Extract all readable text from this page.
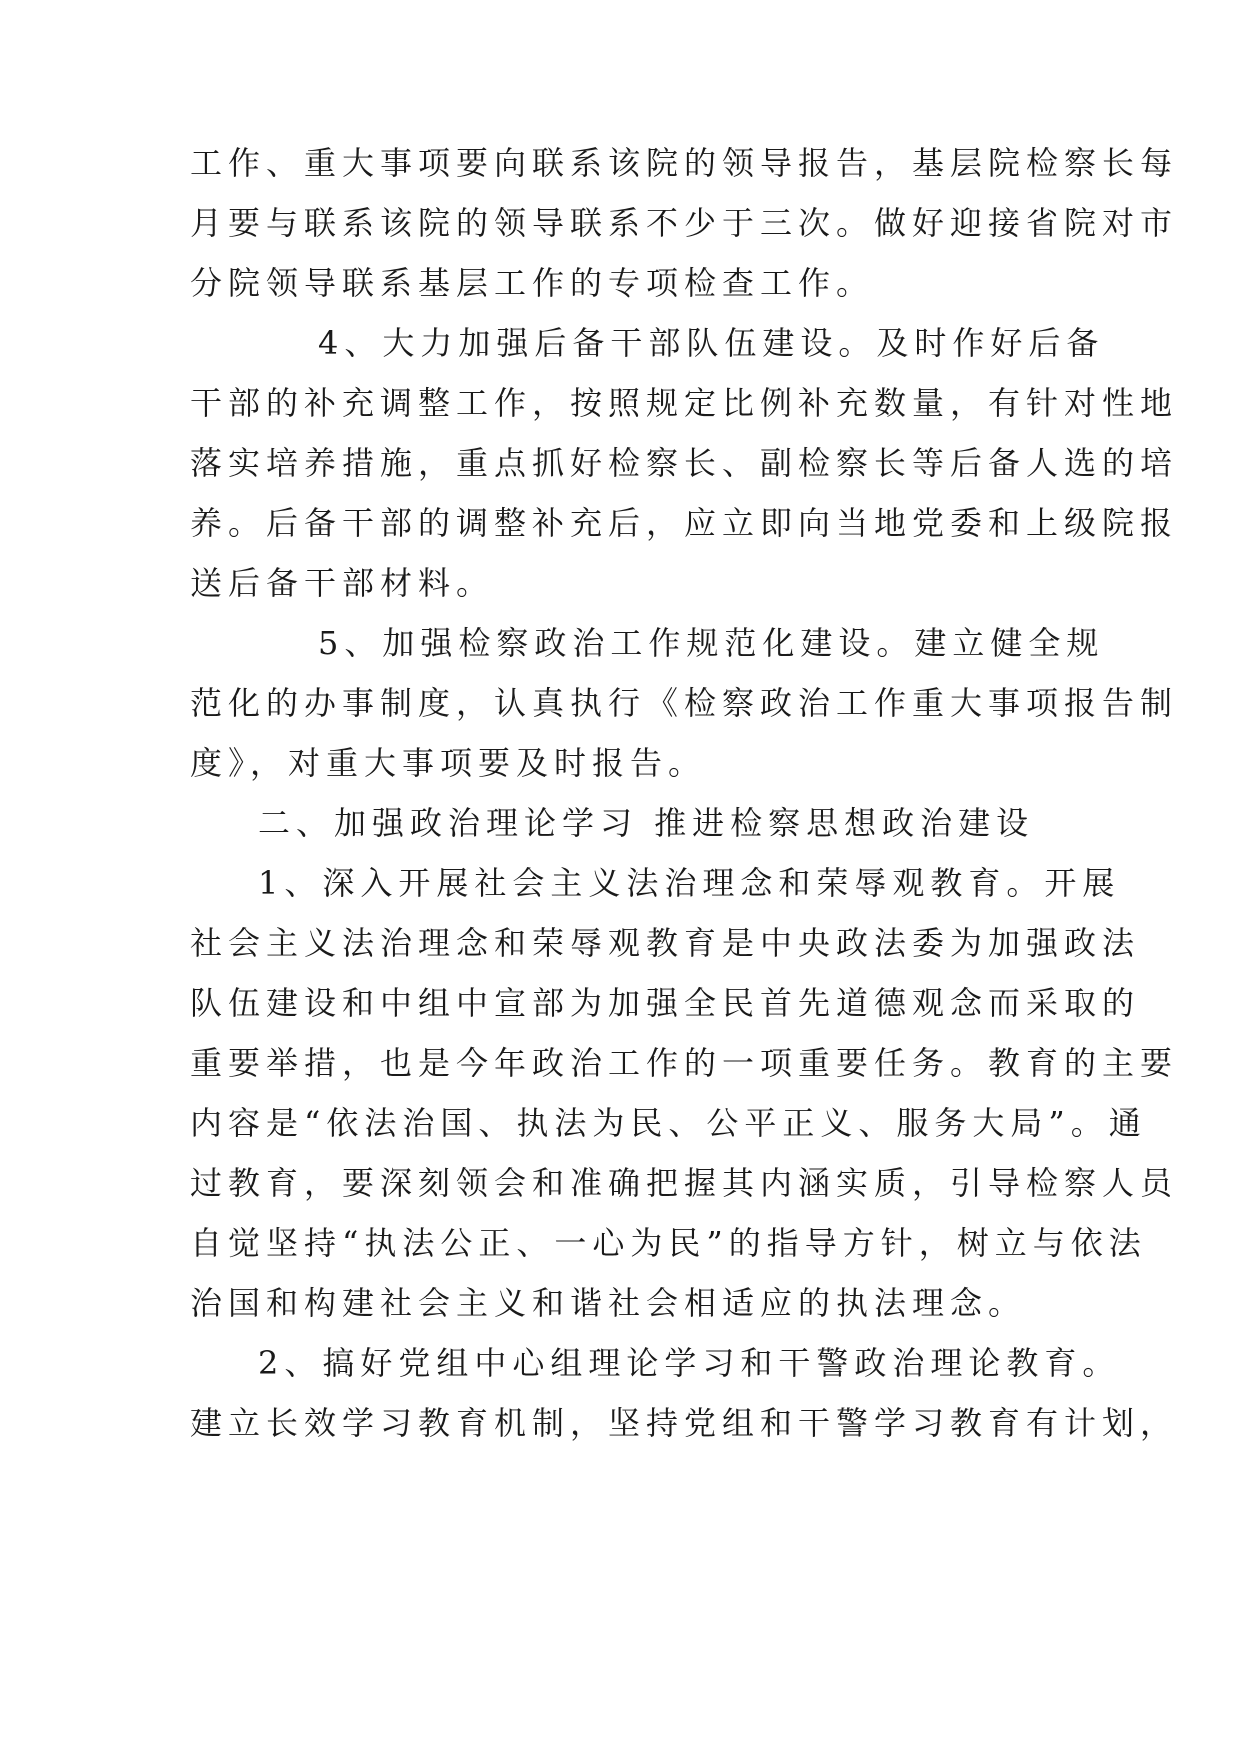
工作、重大事项要向联系该院的领导报告，基层院检察长每
月要与联系该院的领导联系不少于三次。做好迎接省院对市
分院领导联系基层工作的专项检查工作。
4、大力加强后备干部队伍建设。及时作好后备
干部的补充调整工作，按照规定比例补充数量，有针对性地
落实培养措施，重点抓好检察长、副检察长等后备人选的培
养。后备干部的调整补充后，应立即向当地党委和上级院报
送后备干部材料。
5、加强检察政治工作规范化建设。建立健全规
范化的办事制度，认真执行《检察政治工作重大事项报告制
度》，对重大事项要及时报告。
二、加强政治理论学习 推进检察思想政治建设
1、深入开展社会主义法治理念和荣辱观教育。开展
社会主义法治理念和荣辱观教育是中央政法委为加强政法
队伍建设和中组中宣部为加强全民首先道德观念而采取的
重要举措，也是今年政治工作的一项重要任务。教育的主要
内容是“依法治国、执法为民、公平正义、服务大局”。通
过教育，要深刻领会和准确把握其内涵实质，引导检察人员
自觉坚持“执法公正、一心为民”的指导方针，树立与依法
治国和构建社会主义和谐社会相适应的执法理念。
2、搞好党组中心组理论学习和干警政治理论教育。
建立长效学习教育机制，坚持党组和干警学习教育有计划，
